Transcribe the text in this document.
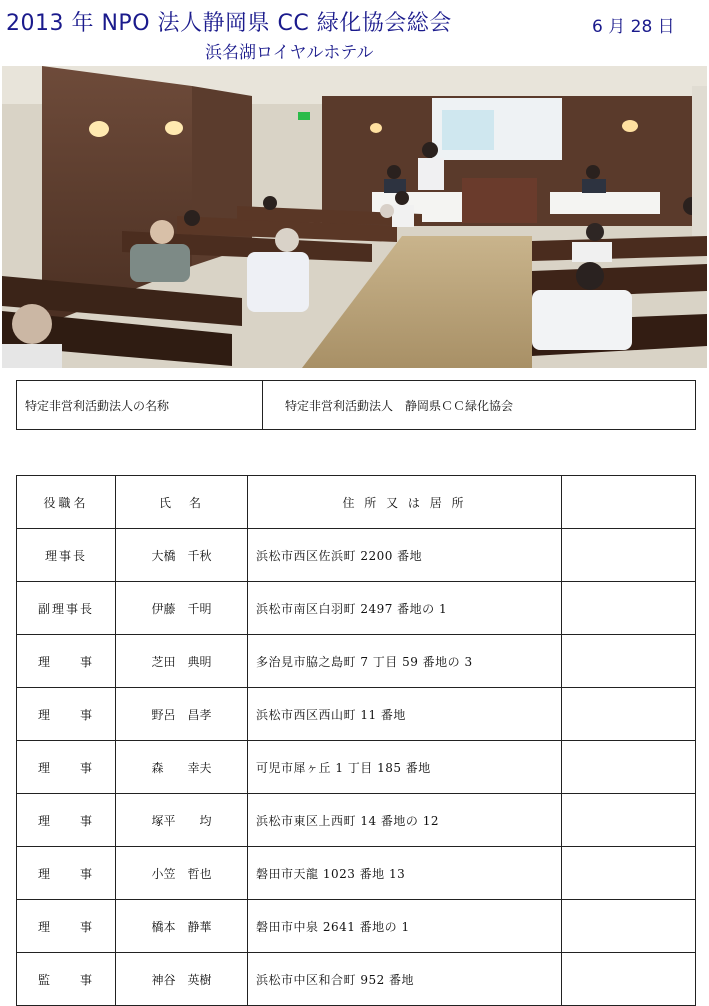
2013 年 NPO 法人静岡県 CC 緑化協会総会	6 月 28 日
浜名湖ロイヤルホテル
特定非営利活動法人の名称	特定非営利活動法人　静岡県ＣＣ緑化協会
役職名	氏　名	住 所 又 は 居 所	
理事長	大橋　千秋	浜松市西区佐浜町 2200 番地	
副理事長	伊藤　千明	浜松市南区白羽町 2497 番地の 1	
理　　事	芝田　典明	多治見市脇之島町 7 丁目 59 番地の 3	
理　　事	野呂　昌孝	浜松市西区西山町 11 番地	
理　　事	森　　幸夫	可児市犀ヶ丘 1 丁目 185 番地	
理　　事	塚平　　均	浜松市東区上西町 14 番地の 12	
理　　事	小笠　哲也	磐田市天龍 1023 番地 13	
理　　事	橋本　静華	磐田市中泉 2641 番地の 1	
監　　事	神谷　英樹	浜松市中区和合町 952 番地	
